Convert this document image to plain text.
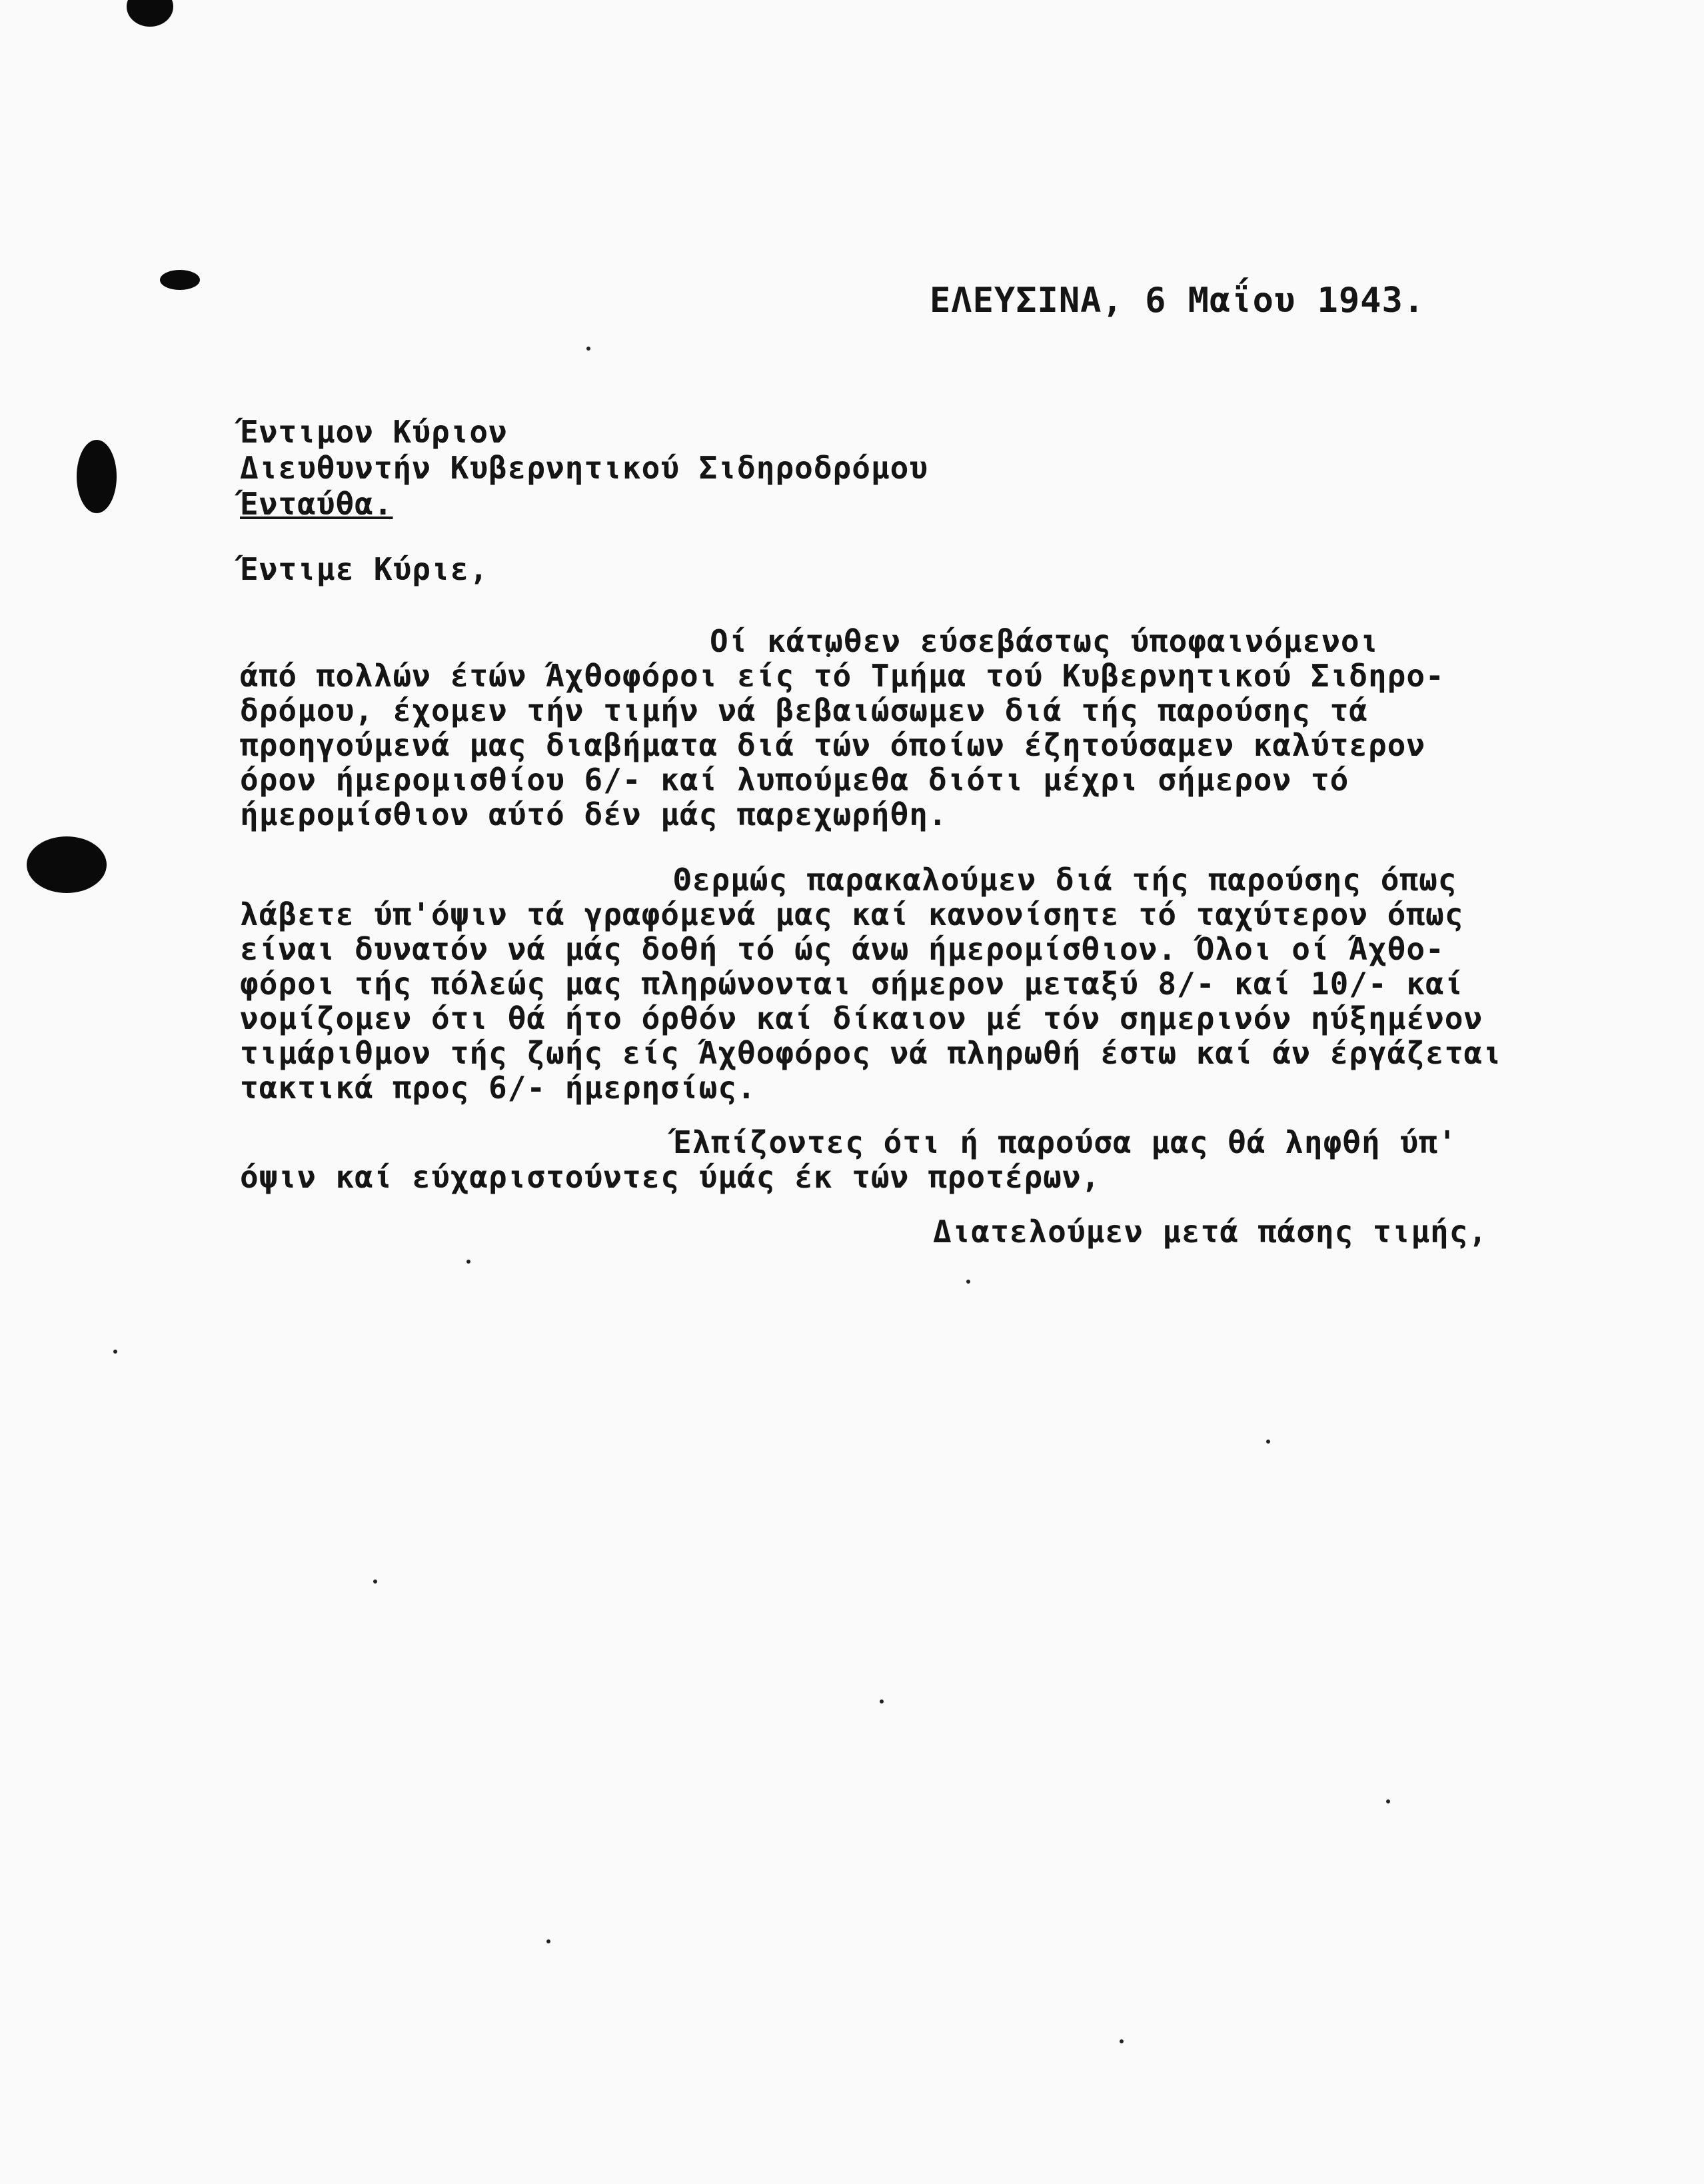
ΕΛΕΥΣΙΝΑ, 6 Μαΐου 1943.
Έντιμον Κύριον
Διευθυντήν Κυβερνητικού Σιδηροδρόμου
Ένταύθα.
Έντιμε Κύριε,
Οί κάτωθεν εύσεβάστως ύποφαινόμενοι
άπό πολλών έτών Άχθοφόροι είς τό Τμήμα τού Κυβερνητικού Σιδηρο-
δρόμου, έχομεν τήν τιμήν νά βεβαιώσωμεν διά τής παρούσης τά
προηγούμενά μας διαβήματα διά τών όποίων έζητούσαμεν καλύτερον
όρον ήμερομισθίου 6/- καί λυπούμεθα διότι μέχρι σήμερον τό
ήμερομίσθιον αύτό δέν μάς παρεχωρήθη.
Θερμώς παρακαλούμεν διά τής παρούσης όπως
λάβετε ύπ'όψιν τά γραφόμενά μας καί κανονίσητε τό ταχύτερον όπως
είναι δυνατόν νά μάς δοθή τό ώς άνω ήμερομίσθιον. Όλοι οί Άχθο-
φόροι τής πόλεώς μας πληρώνονται σήμερον μεταξύ 8/- καί 10/- καί
νομίζομεν ότι θά ήτο όρθόν καί δίκαιον μέ τόν σημερινόν ηύξημένον
τιμάριθμον τής ζωής είς Άχθοφόρος νά πληρωθή έστω καί άν έργάζεται
τακτικά προς 6/- ήμερησίως.
Έλπίζοντες ότι ή παρούσα μας θά ληφθή ύπ'
όψιν καί εύχαριστούντες ύμάς έκ τών προτέρων,
Διατελούμεν μετά πάσης τιμής,
